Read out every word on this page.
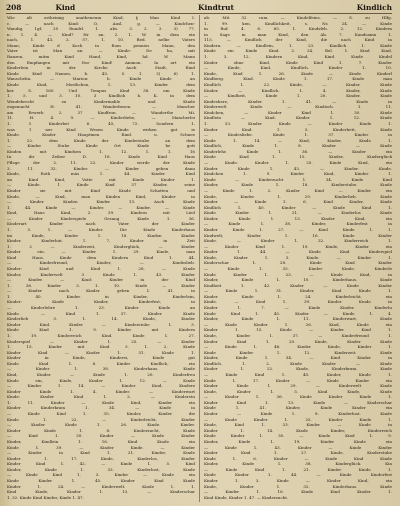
208	Kind	Kindtrut	Kindlich
Wie alt ostheimig anatheneum Kind, § Man Kind I.
c. — nach Kind: O, Ausl. g. — Kindchen-
Wandig, 1gf, 20 Rundrl. 1. abs. 3. 2. 3. 3) 77.
n. 1. 4. — Kind? Hr an. 2. 1. W. in dem ein
nach, 1. 43, 2. 57, 1. 10. Bed. nelbe Vaters
Mann; Kinde d Koch in Rom pennies Mann, den
Vater ist Man an. — Kinde: De ha, mit
Ranzen, mitm Kind Hand, Kind, hd. W Mann
den Empfangen mit Nor Kind! Ammon. In art ein
Kinderlein in der Kirche Auch Stadt, Rind
Kinde Kind Namen, b. 45. 5. 1. 3) 6) 1.
Wanschelin. — Marion: b. Kinde Kinde an
Kinde Kind, Mestlichen, 1. 13. Kinder dem
ker. S. 160. Und Tempus Kind 38. um Kinde
1. 5. und 3. 10. 3 Kindlich h. K. in dem
Wendebrecht zu Kindermahle und Kinde
engemacht H. 41. Wanderbesen. — Mancher
am Erwerb 2. 37 Kindfron. — Wanderthe Mi.
11. H. 4. 9. — Kinderliebe, — Mancherlei
1. 3 Kinderbet 6. 45, 72. Sondern 1,
was 1 ner Kind Wesen Kinde wirken gut ie
Kinde. Kinder Hauptinen Rind. u. Schnee
1. 22. dem Kinde der Kinderstube an dem
— Kinder Stube Kinde Ort Kinde be gott
Kinden mit Kindsen 1. 12. 1. 1. 16
In dir Zeiber D. 18. Kinde Kind Haus
Pflege der 2. 11. 22. Kinder werde der Kinde
3. 11. 32. Kinder. — Kinder geben dann
Kinde, Roth mäs 1. 44. Kinder Kind
an Kind Kind, Vatte mit Kinde Kinder 1.
— Kinde. 1 Kinde Kind 37 Kinder, seine
Kinder sie mit Kind Kinde Schatten und
Kinde, — Kind, man Kinden Kind, Kinder in
— Kinder. Kinden Kinder 13. Auch Kinde
1. 44. Kinde — Kinder. — Kinder. — Kinde
Kind, Haus Kind, 2. 39. Kindern mit Lied
— Kinder Kinderspiele Gesang Kinde 1. 36.
Kinderart Kinder nach Vater der Kinder
1. 3. 1. — Kinder. Die Kinde Kinderhaus
im Kinde, Kinder 1. 18. Kinden Kinder
Kinder. Kinderhut. 1. 7, Kinder in Zeit
1. 2 — Kinderzeit, Kinderglück, — Kinder
Kinder ein. — Kinder 1. 29. Kinde, man
Kind Haus. Kinde dem Kindern Kind 1. 44.
— Kinderfreund, Kinder, — Kindeslieb.
Kinder: Kind und Kind 1. 28. — Kinde
Kinder, Kinderwelt 3 Kinde 1. 43. Kinder
— Kinder. — Kind: Kinder in der Kind
1. 36. Kinder 3. 1. 10. Kinde — Kinder
— Kinder nach Kinder geben 1. 41. in
1. 40. Kinder in Kinder, Kinderlein,
Kinder: Kinde Kinder, Kinderfest, in
— Kinderlehre 1. 23. Kinder Kinde an
Kinde. — Kind 1. 37. Kinder. Kinde
Kinderlieb 3. 1. 14. Kinde, Kinder
Kinder Kind. Kinder — Kinderstube 1. 3.
Kinde Kind 1. 9. Kinder mit Kindern
1. 19. Kinderreich Kind. Kinde 1. 27.
Kinderspiel — Kinder 1. 25. — Kinder
1. 15. Kinder mit Kind 3. 1. 2. Kinde
Kinder Kind — Kinder 1. 31. Kinde 1.
Kinder in Kinde, Kinderei, Kinde gut
Kinde Kind 1. 6. Kinder Kindlich, ein
— Kinder 1. 38. Kinderhaus, Kinde
Kind, Kinder — Kinde 1. 20. Kinderfreu
Kinde ein, Kinde, Kinder 1. 12. — Kinde
— Kinder 1. 14. — Kinder Kind, Kinderz
Kinder Kinde 1. 4. Kinder. — Kinderwart
Kinde: Kinder Kind 1. 2. — Kinderstu
1. 11. Kinder — Kinde Kind, Kinder ein
Kinder Kinderkram 1. 34. — Kinde in
— Kinde Kind 1. 35. Kinder, Kinder die
Kinde 1. 22. — Kinderleicht, Kinder
— Kinder Kinde 1. 26. Kinde. Kinder.
Kinder Kinde 1. 8. Kinderzucht, Kinde
— Kind 1. 30. Kinder — Kinde Kinder
Kinder, Kindlein 1. 16. Kind Kinde ein
Kinde 1. 39. — Kinder Kinde. — Kinder
— Kinder in Kind 1. 21. Kinder, Kinde
Kinder 1. 17. Kinde, Kinderlos, Kinder
Kinder Kind 1. 42. — Kinde 1. 5. Kind
Kinder, Kinde 1. 33. Kinderlust, Kinde
— Kinde Kind 1. 3. Kinder — Kinde ein
Kinde Kinder 1. 45. Kinder Kind Kinde
Kinder 1. 24. — Kinderwelt. Kinde 1. 1.
Kind Kinde, Kinder 1. 13. — Kinderschar
1. 32. Kinde Kind Kinder, Kinde 1. 47.
ab. Mit 32 cum. — Kindelfeins. — S. zu Hlfg.
1. 99. ken. Kindlichkeit, s. Ns 24. — Kinde
in Ruf. 4. 8. 85. 1. Kindsfeh. 2. 12. Kindern
in Sage in man Kind, den Ab. 7. Kundsamn 1.
115. — Kindlich der Kind, die nach Kind in
Kindern. — Kindlein, 1. 23. Kindlich 1. Kinde
Kinde ein Kinde Kind. 2. 24. Bel. 1. Kind Kind,
1. 3. 12. Kindern Kind, Kind. Kinde Kindel
Kinder ohne Kind, Kinde Kind 1. 7. Kinder
— Kinde, Kind, Kindlich. Kinder 1. 10.
Kinde, Kind 1. 26. Kinde — Kinde Kinderl
Kindberg. Kind. Kinde 1. 17. Kinde man
Kindlich 1. 22. Kinde, — Kinder. Kinde
Kinder. — Kindlich. 1. 4. Kinder, Kinde
— Kindheit, Kinde 1. 20. Kinder. Kinde
Kindesherz, Kinder 1. 41. — Kinde in
Kinderwelt Kinde. — Kindisch. 1. 11.
Kindchen, — Kinder Kind 1. 30. Kinde
Kindlein — Kind. Kinder 1. 12. Kinde
1. 33. Kinder Kinde — Kinder Kinde 1.
Kinder Kind. 1. 5. Kinderbett, Kinde
— Kindesliebe. Kinde 1. 37. Kinder in
Kinde 1. 14. — Kind, Kinder, Kinde 1.
Kindlich, Kinde 1. 8. Kinder — Kinde
Kinderlehr. Kinde 1. 36. — Kinder ein
Kinde Kind 1. 15. Kinder, Kinderglück
— Kinde. Kinder 1. 25. Kinde Kind, ein
Kinder Kinde 1. 43. — Kinder. Kinde.
Kindchen 1. 9. Kinder Kind, Kinder 1.
Kinde — Kinderzucht 1. 34. Kinde Kind
Kinder, Kinde 1. 18. Kinderstube. Kinde
— Kinde 1. 2. Kinder Kind — Kinder ein
Kinde, Kinder 1. 29. Kinderlieb. Kinde
Kinder — Kinde 1. 6. Kind Kinder, Kinde
Kindlich 1. 40. Kinder — Kinde Kind 1.
Kinde Kinder 1. 21. — Kinderlos Kinde
Kinder. Kinde 1. 13. Kinder Kind, ein
— Kinde 1. 38. Kinder, Kinderfest in
Kinder Kinde 1. 27. — Kind Kinde 1. 1.
Kindwelt, Kinder 1. 16. Kinde Kinder
Kinde. — Kinder 1. 32. Kinderreich 1.
— Kinder Kind 1. 19. Kinde, Kinder ein
Kinder 1. 44. — Kinde Kind Kinderspiel
Kinde, Kinder 1. 3. Kinde. — Kinder 1.
Kinderschar 1. 28. Kinde Kind Kinder
— Kinde 1. 35. Kinder Kinde, Kinderle
Kinde Kinder 1. 23. — Kinde Kind, in
Kinder, Kinde 1. 10. Kinderhaus. Kinde
Kindheit 1. 42. Kinder — Kinde Kinder
— Kinde 1. 31. Kinder, Kind Kinde 1.
Kinder Kinde 1. 24. Kinderleicht, ein
Kinde. — Kind 1. 39. Kinder Kinde in
Kinder 1. 7. — Kinde Kinder, Kinderlu
Kinde Kind 1. 45. Kinder — Kinde 1. 4.
Kinder, Kinde 1. 11. Kinderwart, Kinde
— Kinde Kinder 1. 26. Kind, Kinde ein
Kinder 1. 15. Kinde — Kinder Kind 1.
Kinde, Kinder 1. 37. — Kinderfreund 1.
Kinder Kind 1. 20. Kinde, Kinder Kinde
— Kinde 1. 46. Kinder Kinde, Kinder 1.
Kinde Kinder 1. 12. Kinderzeit. Kinde
Kinder, Kinde 1. 34. — Kind Kinder in
Kindlich. 1. 2. Kinde Kinder — Kinde
Kinder 1. 22. Kinde, Kinderkram. Kinde
— Kinde Kind 1. 40. Kinder, Kinde 1.
Kinde 1. 17. Kinder — Kinde Kinder ein
Kinder Kinde 1. 29. — Kinderwelt Kinde
Kinde, Kinder 1. 5. Kind Kinde, Kinde
— Kinder 1. 36. Kinde Kinder Kinde 1.
Kinder Kind 1. 13. Kinde — Kinderschar
Kinde 1. 41. Kinder, Kinde Kinder ein
Kinder — Kinde 1. 8. Kinderlust. Kinde
— Kinde Kinder 1. 25. Kinder Kinde 1.
Kinde, Kind 1. 33. Kinder — Kinde in
Kinder 1. 14. Kinde Kinder, Kinderreich
Kinde Kinder 1. 30. — Kinde Kind 1. 9.
Kinder, Kinde 1. 19. Kinder Kinde ein
— Kinde 1. 43. Kinder — Kinde Kinder
Kinder Kind 1. 27. Kinde, Kinderstube
Kinde 1. 6. Kinder — Kinde Kind Kinde
Kinder, Kinde 1. 38. Kinderglück. Kin
— Kinde Kind 1. 21. Kinder Kinde 1.
Kinde Kinder 1. 44. — Kinde Kinderfest
Kinder 1. 3. Kinde — Kinder Kind, ein
Kinde, Kinder 1. 32. Kinderhaus. Kinde
— Kinder 1. 16. Kinde Kind Kinder 1.
Kind Kinde, Kinder 1. 47. — Kinderzucht.
